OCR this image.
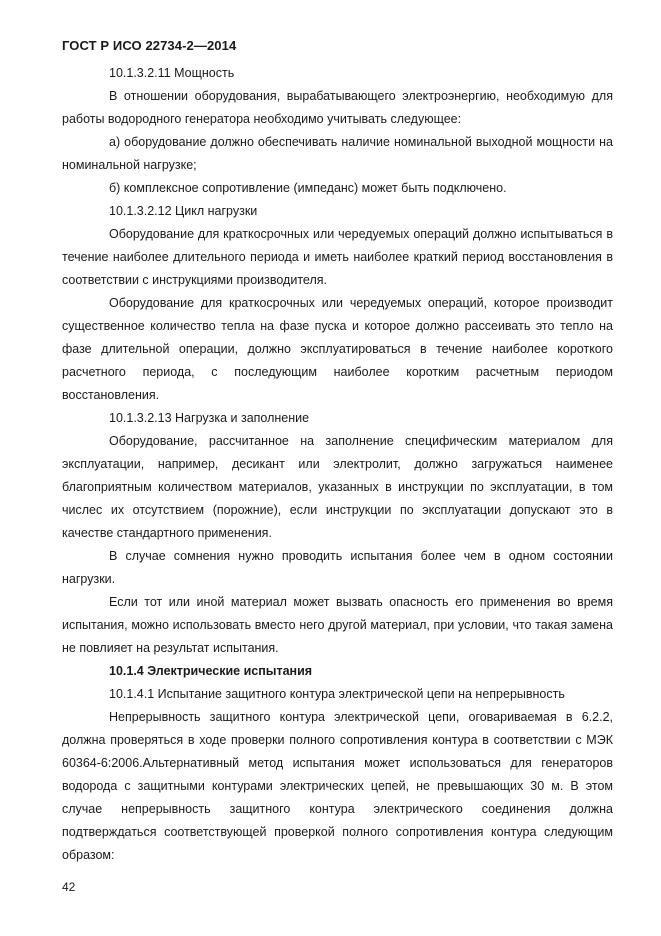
ГОСТ Р ИСО 22734-2—2014

10.1.3.2.11 Мощность

В отношении оборудования, вырабатывающего электроэнергию, необходимую для работы водородного генератора необходимо учитывать следующее:

а) оборудование должно обеспечивать наличие номинальной выходной мощности на номинальной нагрузке;

б) комплексное сопротивление (импеданс) может быть подключено.

10.1.3.2.12 Цикл нагрузки

Оборудование для краткосрочных или чередуемых операций должно испытываться в течение наиболее длительного периода и иметь наиболее краткий период восстановления в соответствии с инструкциями производителя.

Оборудование для краткосрочных или чередуемых операций, которое производит существенное количество тепла на фазе пуска и которое должно рассеивать это тепло на фазе длительной операции, должно эксплуатироваться в течение наиболее короткого расчетного периода, с последующим наиболее коротким расчетным периодом восстановления.

10.1.3.2.13 Нагрузка и заполнение

Оборудование, рассчитанное на заполнение специфическим материалом для эксплуатации, например, десикант или электролит, должно загружаться наименее благоприятным количеством материалов, указанных в инструкции по эксплуатации, в том числес их отсутствием (порожние), если инструкции по эксплуатации допускают это в качестве стандартного применения.

В случае сомнения нужно проводить испытания более чем в одном состоянии нагрузки.

Если тот или иной материал может вызвать опасность его применения во время испытания, можно использовать вместо него другой материал, при условии, что такая замена не повлияет на результат испытания.

10.1.4 Электрические испытания

10.1.4.1 Испытание защитного контура электрической цепи на непрерывность

Непрерывность защитного контура электрической цепи, оговариваемая в 6.2.2, должна проверяться в ходе проверки полного сопротивления контура в соответствии с МЭК 60364-6:2006.Альтернативный метод испытания может использоваться для генераторов водорода с защитными контурами электрических цепей, не превышающих 30 м. В этом случае непрерывность защитного контура электрического соединения должна подтверждаться соответствующей проверкой полного сопротивления контура следующим образом:

42
